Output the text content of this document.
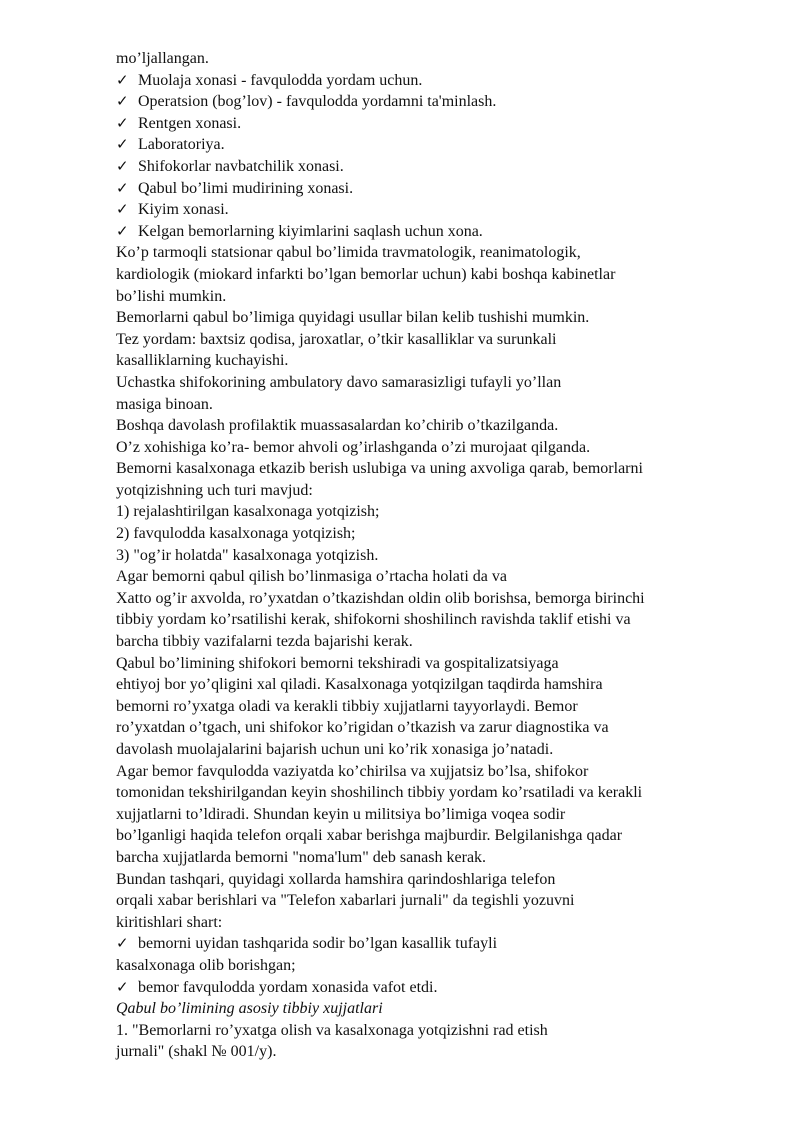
mo’ljallangan.
✓ Muolaja xonasi - favqulodda yordam uchun.
✓ Operatsion (bog’lov) - favqulodda yordamni ta'minlash.
✓ Rentgen xonasi.
✓ Laboratoriya.
✓ Shifokorlar navbatchilik xonasi.
✓ Qabul bo’limi mudirining xonasi.
✓ Kiyim xonasi.
✓ Kelgan bemorlarning kiyimlarini saqlash uchun xona.
Ko’p tarmoqli statsionar qabul bo’limida travmatologik, reanimatologik,
kardiologik (miokard infarkti bo’lgan bemorlar uchun) kabi boshqa kabinetlar
bo’lishi mumkin.
Bemorlarni qabul bo’limiga quyidagi usullar bilan kelib tushishi mumkin.
Tez yordam: baxtsiz qodisa, jaroxatlar, o’tkir kasalliklar va surunkali
kasalliklarning kuchayishi.
Uchastka shifokorining ambulatory davo samarasizligi tufayli yo’llan
masiga binoan.
Boshqa davolash profilaktik muassasalardan ko’chirib o’tkazilganda.
O’z xohishiga ko’ra- bemor ahvoli og’irlashganda o’zi murojaat qilganda.
Bemorni kasalxonaga etkazib berish uslubiga va uning axvoliga qarab, bemorlarni
yotqizishning uch turi mavjud:
1) rejalashtirilgan kasalxonaga yotqizish;
2) favqulodda kasalxonaga yotqizish;
3) "og’ir holatda" kasalxonaga yotqizish.
Agar bemorni qabul qilish bo’linmasiga o’rtacha holati da va
Xatto og’ir axvolda, ro’yxatdan o’tkazishdan oldin olib borishsa, bemorga birinchi
tibbiy yordam ko’rsatilishi kerak, shifokorni shoshilinch ravishda taklif etishi va
barcha tibbiy vazifalarni tezda bajarishi kerak.
Qabul bo’limining shifokori bemorni tekshiradi va gospitalizatsiyaga
ehtiyoj bor yo’qligini xal qiladi. Kasalxonaga yotqizilgan taqdirda hamshira
bemorni ro’yxatga oladi va kerakli tibbiy xujjatlarni tayyorlaydi. Bemor
ro’yxatdan o’tgach, uni shifokor ko’rigidan o’tkazish va zarur diagnostika va
davolash muolajalarini bajarish uchun uni ko’rik xonasiga jo’natadi.
Agar bemor favqulodda vaziyatda ko’chirilsa va xujjatsiz bo’lsa, shifokor
tomonidan tekshirilgandan keyin shoshilinch tibbiy yordam ko’rsatiladi va kerakli
xujjatlarni to’ldiradi. Shundan keyin u militsiya bo’limiga voqea sodir
bo’lganligi haqida telefon orqali xabar berishga majburdir. Belgilanishga qadar
barcha xujjatlarda bemorni "noma'lum" deb sanash kerak.
Bundan tashqari, quyidagi xollarda hamshira qarindoshlariga telefon
orqali xabar berishlari va "Telefon xabarlari jurnali" da tegishli yozuvni
kiritishlari shart:
✓ bemorni uyidan tashqarida sodir bo’lgan kasallik tufayli
kasalxonaga olib borishgan;
✓ bemor favqulodda yordam xonasida vafot etdi.
Qabul bo’limining asosiy tibbiy xujjatlari
1. "Bemorlarni ro’yxatga olish va kasalxonaga yotqizishni rad etish
jurnali" (shakl № 001/y).
